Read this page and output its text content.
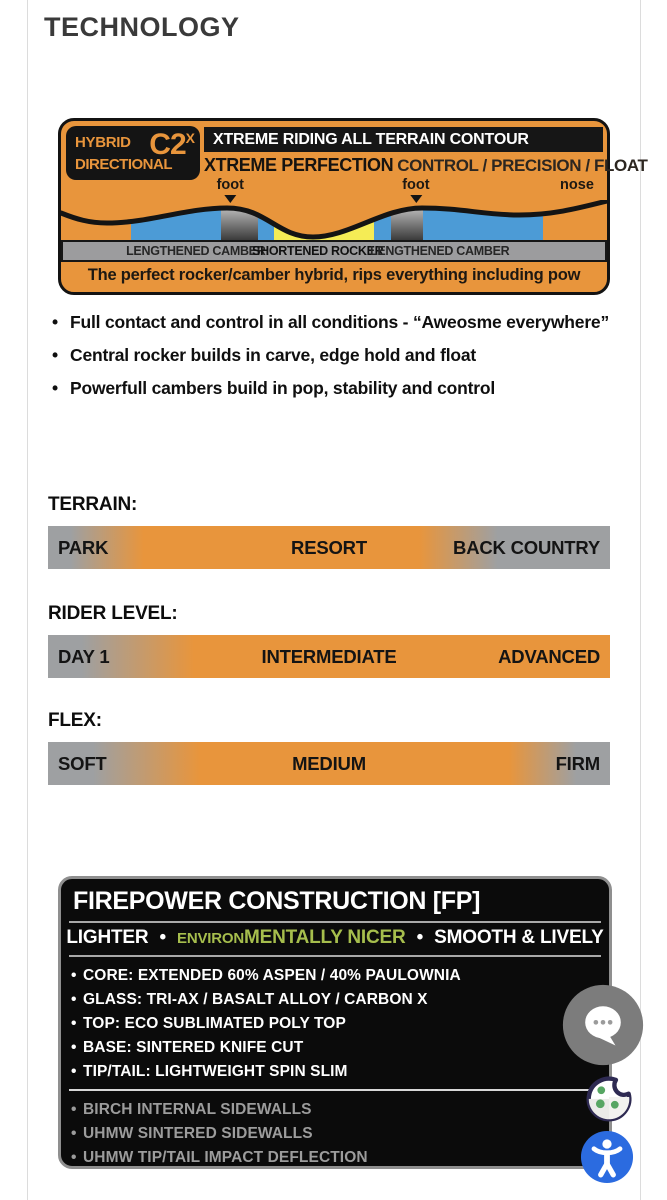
TECHNOLOGY
HYBRID
DIRECTIONAL
$C2^X$	XTREME RIDING ALL TERRAIN CONTOUR
XTREME PERFECTION CONTROL / PRECISION / FLOAT
foot	foot	nose
LENGTHENED CAMBER
SHORTENED ROCKER
LENGTHENED CAMBER
The perfect rocker/camber hybrid, rips everything including pow
• Full contact and control in all conditions - “Aweosme everywhere”
• Central rocker builds in carve, edge hold and float
• Powerfull cambers build in pop, stability and control
TERRAIN:
PARK	RESORT	BACK COUNTRY
RIDER LEVEL:
DAY 1	INTERMEDIATE	ADVANCED
FLEX:
SOFT	MEDIUM	FIRM
FIREPOWER CONSTRUCTION [FP]
LIGHTER • ENVIRONMENTALLY NICER • SMOOTH & LIVELY
• CORE: EXTENDED 60% ASPEN / 40% PAULOWNIA
• GLASS: TRI-AX / BASALT ALLOY / CARBON X
• TOP: ECO SUBLIMATED POLY TOP
• BASE: SINTERED KNIFE CUT
• TIP/TAIL: LIGHTWEIGHT SPIN SLIM
• BIRCH INTERNAL SIDEWALLS
• UHMW SINTERED SIDEWALLS
• UHMW TIP/TAIL IMPACT DEFLECTION
